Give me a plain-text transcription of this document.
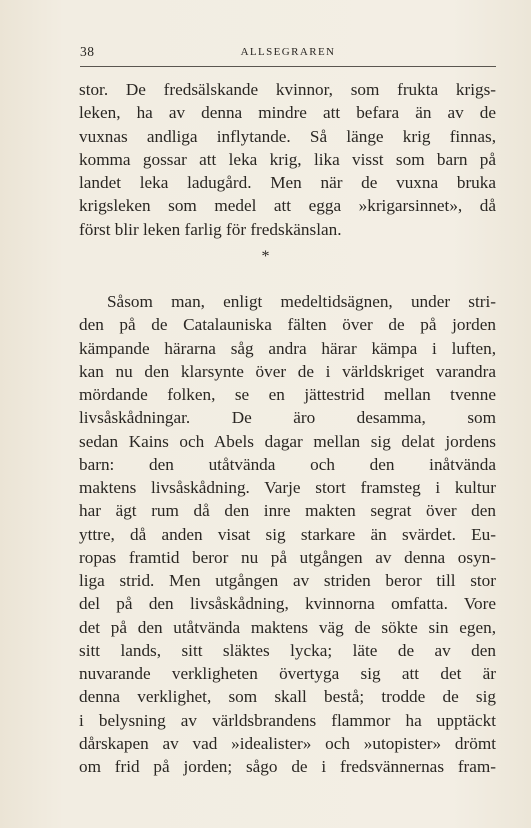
38	ALLSEGRAREN
stor. De fredsälskande kvinnor, som frukta krigs-
leken, ha av denna mindre att befara än av de
vuxnas andliga inflytande. Så länge krig finnas,
komma gossar att leka krig, lika visst som barn på
landet leka ladugård. Men när de vuxna bruka
krigsleken som medel att egga »krigarsinnet», då
först blir leken farlig för fredskänslan.
*
Såsom man, enligt medeltidsägnen, under stri-
den på de Catalauniska fälten över de på jorden
kämpande härarna såg andra härar kämpa i luften,
kan nu den klarsynte över de i världskriget varandra
mördande folken, se en jättestrid mellan tvenne
livsåskådningar. De äro desamma, som
sedan Kains och Abels dagar mellan sig delat jordens
barn: den utåtvända och den inåtvända
maktens livsåskådning. Varje stort framsteg i kultur
har ägt rum då den inre makten segrat över den
yttre, då anden visat sig starkare än svärdet. Eu-
ropas framtid beror nu på utgången av denna osyn-
liga strid. Men utgången av striden beror till stor
del på den livsåskådning, kvinnorna omfatta. Vore
det på den utåtvända maktens väg de sökte sin egen,
sitt lands, sitt släktes lycka; läte de av den
nuvarande verkligheten övertyga sig att det är
denna verklighet, som skall bestå; trodde de sig
i belysning av världsbrandens flammor ha upptäckt
dårskapen av vad »idealister» och »utopister» drömt
om frid på jorden; sågo de i fredsvännernas fram-
